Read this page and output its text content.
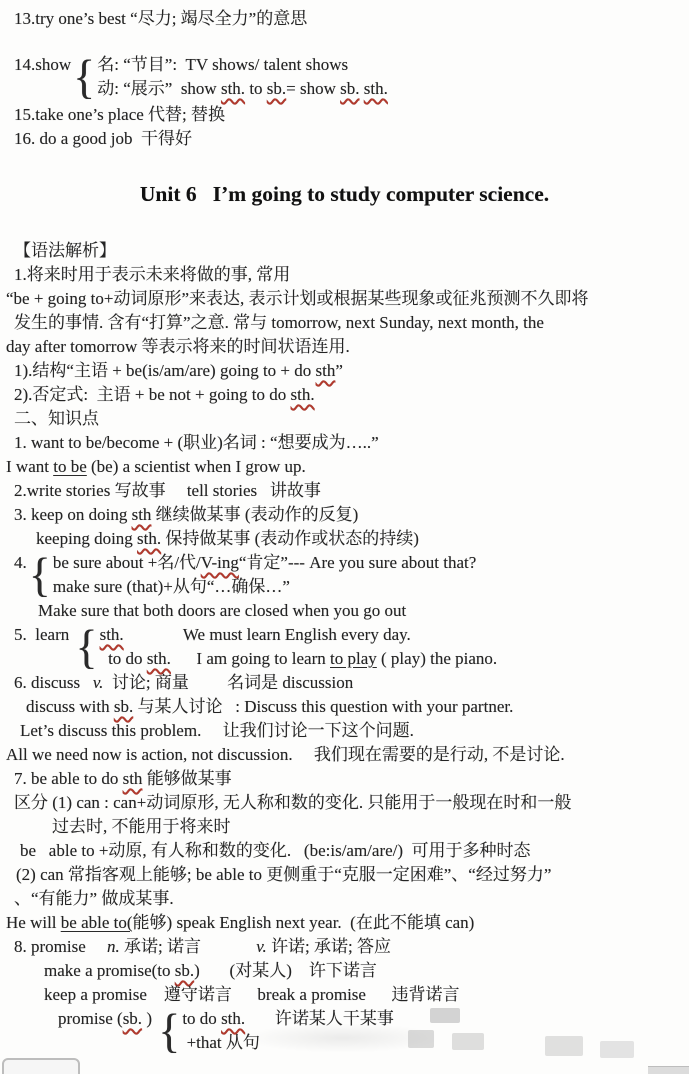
13.try one’s best “尽力; 竭尽全力”的意思
14.show { 名: “节目”:  TV shows/ talent shows
动: “展示”  show sth. to sb.= show sb. sth.
15.take one’s place 代替; 替换
16. do a good job  干得好
Unit 6   I’m going to study computer science.
【语法解析】
1.将来时用于表示未来将做的事, 常用
“be + going to+动词原形”来表达, 表示计划或根据某些现象或征兆预测不久即将
发生的事情. 含有“打算”之意. 常与 tomorrow, next Sunday, next month, the
day after tomorrow 等表示将来的时间状语连用.
1).结构“主语 + be(is/am/are) going to + do sth”
2).否定式:  主语 + be not + going to do sth.
二、知识点
1. want to be/become + (职业)名词 : “想要成为…..”
I want to be (be) a scientist when I grow up.
2.write stories 写故事     tell stories   讲故事
3. keep on doing sth 继续做某事 (表动作的反复)
keeping doing sth. 保持做某事 (表动作或状态的持续)
4. { be sure about +名/代/V-ing“肯定”--- Are you sure about that?
make sure (that)+从句“…确保…”
Make sure that both doors are closed when you go out
5.  learn { sth.              We must learn English every day.
to do sth.      I am going to learn to play ( play) the piano.
6. discuss   v.  讨论; 商量         名词是 discussion
discuss with sb. 与某人讨论   : Discuss this question with your partner.
Let’s discuss this problem.     让我们讨论一下这个问题.
All we need now is action, not discussion.     我们现在需要的是行动, 不是讨论.
7. be able to do sth 能够做某事
区分 (1) can : can+动词原形, 无人称和数的变化. 只能用于一般现在时和一般
过去时, 不能用于将来时
be   able to +动原, 有人称和数的变化.   (be:is/am/are/)  可用于多种时态
(2) can 常指客观上能够; be able to 更侧重于“克服一定困难”、“经过努力”
、“有能力” 做成某事.
He will be able to(能够) speak English next year.  (在此不能填 can)
8. promise     n. 承诺; 诺言             v. 许诺; 承诺; 答应
make a promise(to sb.)       (对某人)    许下诺言
keep a promise    遵守诺言      break a promise      违背诺言
promise (sb. ) { to do sth.       许诺某人干某事
+that 从句
